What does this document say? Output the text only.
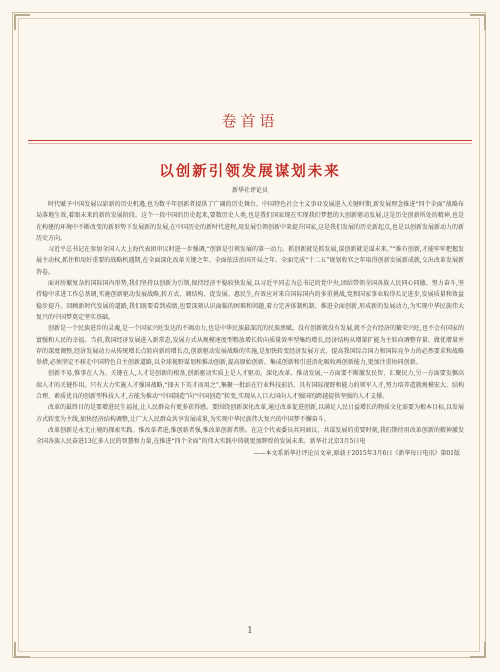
卷首语
以创新引领发展谋划未来
新华社评论员

时代赋予中国发展以崭新的历史机遇,也为数千年创新者提供了广阔的历史舞台。中国特色社会主义事业发展进入关键时期,新发展理念推进“四个全面”战略布局落地生效,着眼未来的新的发展阶段。这个一段中国的历史起来,要数历史人类,也是我们国家现在实现我们梦想的大创新驱动发展,这是历史创新所处的精神,也是在构建的环境中不断改变的新形势下发展新的发展,在中国历史的新时代进程,用发展引领创新中来提升国家,这是我们发展的历史新起点,也是以创新发展新动力的新历史方向。

习近平总书记在参加全国人大上海代表团审议时进一步强调,“创新是引领发展的第一动力。抓创新就是抓发展,谋创新就是谋未来。”“推有创新,才能牢牢把握发展主动权,抓住和用好重要的战略机遇期,在全面深化改革关键之年、全面依法治国开局之年、全面完成“十二五”规划收官之年取得创新发展新成就,交出改革发展新答卷。

面对纷繁复杂的国际国内形势,我们坚持以创新为引领,保持经济平稳较快发展,以习近平同志为总书记的党中央,团结带领全国各族人民同心同德、努力奋斗,坚持稳中求进工作总基调,实施创新驱动发展战略,转方式、调结构、促发展、惠民生,有效应对来自国际国内的多重挑战,党和国家事业取得长足进步,发展质量和效益稳步提升。回顾新时代发展的道路,我们既要看到成绩,也要深刻认识面临的困难和问题,着力完善体制机制、推进全面创新,形成新的发展动力,为实现中华民族伟大复兴的中国梦奠定坚实基础。

创新是一个民族进步的灵魂,是一个国家兴旺发达的不竭动力,也是中华民族最深沉的民族禀赋。没有创新就没有发展,就不会有经济的繁荣兴旺,也不会有国家的富强和人民的幸福。当前,我国经济发展进入新常态,发展方式从规模速度型粗放增长转向质量效率型集约增长,经济结构从增量扩能为主转向调整存量、做优增量并存的深度调整,经济发展动力从传统增长点转向新的增长点,创新驱动发展战略的实施,是加快转变经济发展方式、提高我国综合国力和国际竞争力的必然要求和战略举措,必须坚定不移走中国特色自主创新道路,以全球视野谋划和推动创新,提高原始创新、集成创新和引进消化吸收再创新能力,更加注重协同创新。

创新不易,惟事在人为。关键在人,人才是创新的根基,创新驱动实质上是人才驱动。深化改革、推动发展,一方面要不断激发民智、汇聚民力,另一方面要发掘高端人才的关键作用。只有大力实施人才强国战略,“择天下英才而用之”,集聚一批站在行业科技前沿、具有国际视野和能力的领军人才,努力培养造就规模宏大、结构合理、素质优良的创新型科技人才,方能为推动“中国制造”向“中国创造”转变,实现从人口大国向人才强国的跨越提供坚强的人才支撑。

改革的最终目的是要增进民生福祉,让人民群众有更多获得感。要围绕创新深化改革,通过改革促进创新,以满足人民日益增长的物质文化需要为根本目标,以发展方式转变为主线,加快经济结构调整,让广大人民群众共享发展成果,为实现中华民族伟大复兴的中国梦不懈奋斗。

改革创新是永无止境的探索实践。惟改革者进,惟创新者强,惟改革创新者胜。在这个代表委员共同商议、共谋发展的重要时刻,我们期待用改革创新的精神激发全国各族人民奋进13亿多人民的智慧和力量,在推进“四个全面”的伟大实践中铸就更加辉煌的发展未来。新华社北京3月5日电

——本文系新华社评论员文章,原载于2015年3月6日《新华每日电讯》第01版

1
